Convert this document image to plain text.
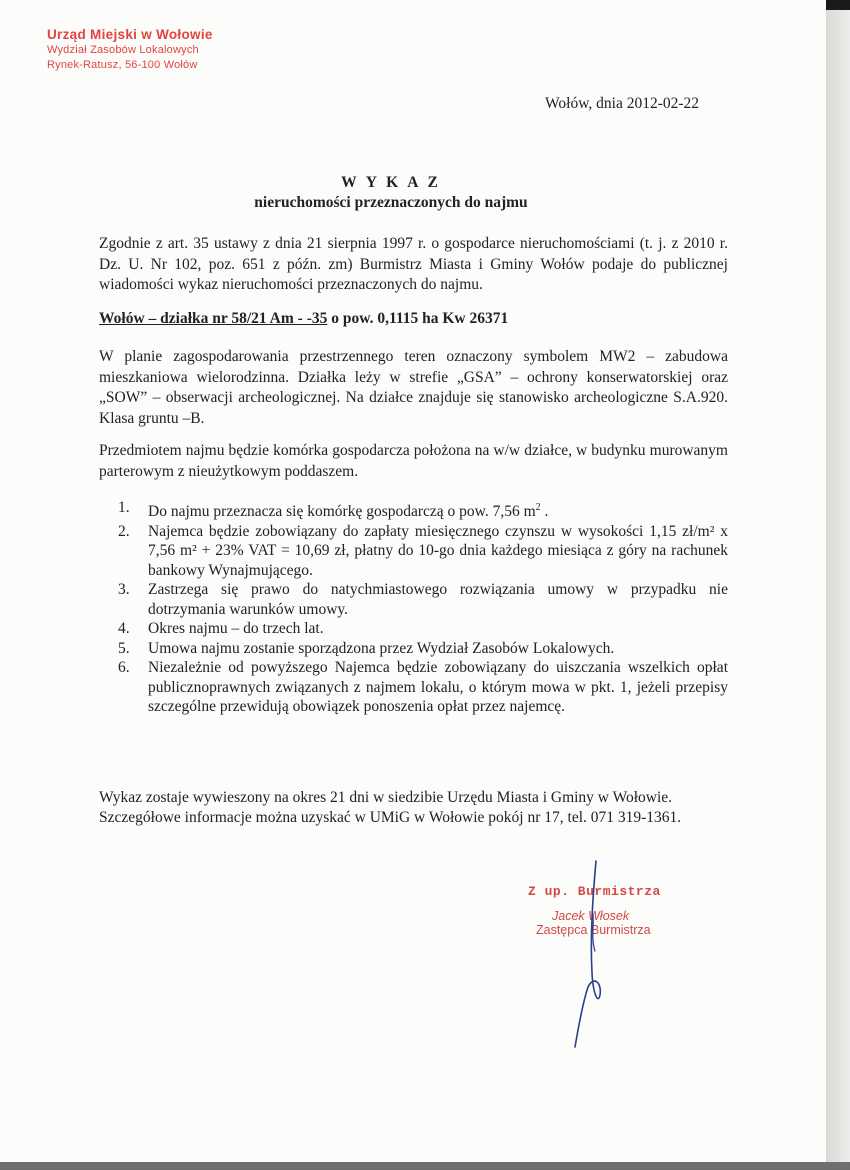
Urząd Miejski w Wołowie
Wydział Zasobów Lokalowych
Rynek-Ratusz, 56-100 Wołów
Wołów, dnia 2012-02-22
W Y K A Z
nieruchomości przeznaczonych do najmu
Zgodnie z art. 35 ustawy z dnia 21 sierpnia 1997 r. o gospodarce nieruchomościami (t. j. z 2010 r. Dz. U. Nr 102, poz. 651 z późn. zm) Burmistrz Miasta i Gminy Wołów podaje do publicznej wiadomości wykaz nieruchomości przeznaczonych do najmu.
Wołów – działka nr 58/21 Am - -35 o pow. 0,1115 ha Kw 26371
W planie zagospodarowania przestrzennego teren oznaczony symbolem MW2 – zabudowa mieszkaniowa wielorodzinna. Działka leży w strefie „GSA” – ochrony konserwatorskiej oraz „SOW” – obserwacji archeologicznej. Na działce znajduje się stanowisko archeologiczne S.A.920. Klasa gruntu –B.
Przedmiotem najmu będzie komórka gospodarcza położona na w/w działce, w budynku murowanym parterowym z nieużytkowym poddaszem.
1. Do najmu przeznacza się komórkę gospodarczą o pow. 7,56 $m^2$ .
2. Najemca będzie zobowiązany do zapłaty miesięcznego czynszu w wysokości 1,15 zł/m² x 7,56 m² + 23% VAT = 10,69 zł, płatny do 10-go dnia każdego miesiąca z góry na rachunek bankowy Wynajmującego.
3. Zastrzega się prawo do natychmiastowego rozwiązania umowy w przypadku nie dotrzymania warunków umowy.
4. Okres najmu – do trzech lat.
5. Umowa najmu zostanie sporządzona przez Wydział Zasobów Lokalowych.
6. Niezależnie od powyższego Najemca będzie zobowiązany do uiszczania wszelkich opłat publicznoprawnych związanych z najmem lokalu, o którym mowa w pkt. 1, jeżeli przepisy szczególne przewidują obowiązek ponoszenia opłat przez najemcę.
Wykaz zostaje wywieszony na okres 21 dni w siedzibie Urzędu Miasta i Gminy w Wołowie.
Szczegółowe informacje można uzyskać w UMiG w Wołowie pokój nr 17, tel. 071 319-1361.
Z up. Burmistrza
Jacek Włosek
Zastępca Burmistrza
